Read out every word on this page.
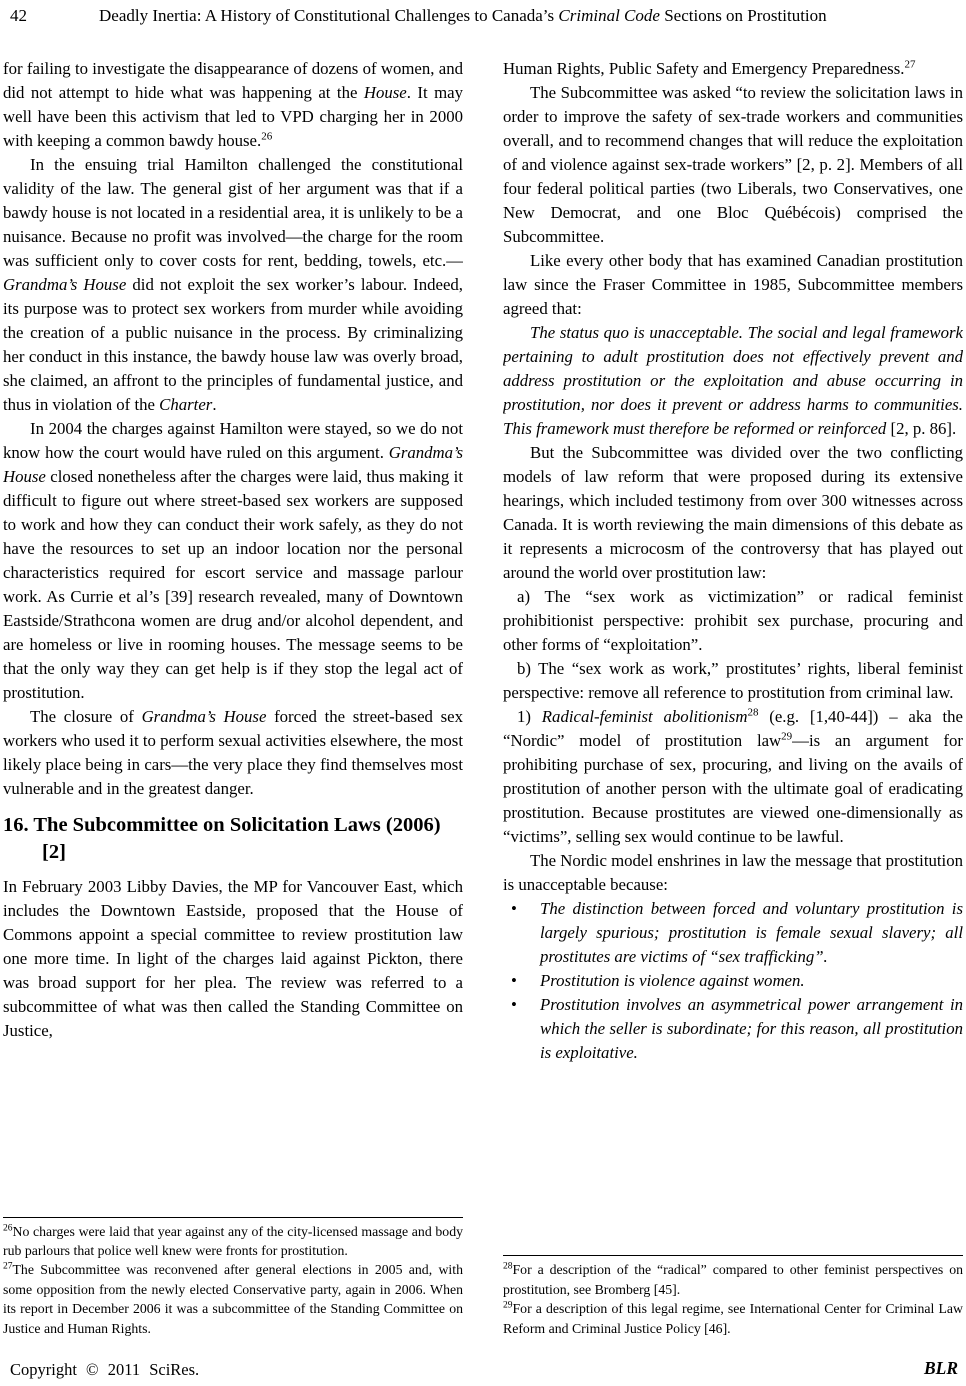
42	Deadly Inertia: A History of Constitutional Challenges to Canada’s Criminal Code Sections on Prostitution
for failing to investigate the disappearance of dozens of women, and did not attempt to hide what was happening at the House. It may well have been this activism that led to VPD charging her in 2000 with keeping a common bawdy house.$^{26}$
In the ensuing trial Hamilton challenged the constitutional validity of the law. The general gist of her argument was that if a bawdy house is not located in a residential area, it is unlikely to be a nuisance. Because no profit was involved—the charge for the room was sufficient only to cover costs for rent, bedding, towels, etc.—Grandma’s House did not exploit the sex worker’s labour. Indeed, its purpose was to protect sex workers from murder while avoiding the creation of a public nuisance in the process. By criminalizing her conduct in this instance, the bawdy house law was overly broad, she claimed, an affront to the principles of fundamental justice, and thus in violation of the Charter.
In 2004 the charges against Hamilton were stayed, so we do not know how the court would have ruled on this argument. Grandma’s House closed nonetheless after the charges were laid, thus making it difficult to figure out where street-based sex workers are supposed to work and how they can conduct their work safely, as they do not have the resources to set up an indoor location nor the personal characteristics required for escort service and massage parlour work. As Currie et al’s [39] research revealed, many of Downtown Eastside/Strathcona women are drug and/or alcohol dependent, and are homeless or live in rooming houses. The message seems to be that the only way they can get help is if they stop the legal act of prostitution.
The closure of Grandma’s House forced the street-based sex workers who used it to perform sexual activities elsewhere, the most likely place being in cars—the very place they find themselves most vulnerable and in the greatest danger.
16. The Subcommittee on Solicitation Laws (2006) [2]
In February 2003 Libby Davies, the MP for Vancouver East, which includes the Downtown Eastside, proposed that the House of Commons appoint a special committee to review prostitution law one more time. In light of the charges laid against Pickton, there was broad support for her plea. The review was referred to a subcommittee of what was then called the Standing Committee on Justice,
$^{26}$No charges were laid that year against any of the city-licensed massage and body rub parlours that police well knew were fronts for prostitution.
$^{27}$The Subcommittee was reconvened after general elections in 2005 and, with some opposition from the newly elected Conservative party, again in 2006. When its report in December 2006 it was a subcommittee of the Standing Committee on Justice and Human Rights.
Human Rights, Public Safety and Emergency Preparedness.$^{27}$
The Subcommittee was asked “to review the solicitation laws in order to improve the safety of sex-trade workers and communities overall, and to recommend changes that will reduce the exploitation of and violence against sex-trade workers” [2, p. 2]. Members of all four federal political parties (two Liberals, two Conservatives, one New Democrat, and one Bloc Québécois) comprised the Subcommittee.
Like every other body that has examined Canadian prostitution law since the Fraser Committee in 1985, Subcommittee members agreed that:
The status quo is unacceptable. The social and legal framework pertaining to adult prostitution does not effectively prevent and address prostitution or the exploitation and abuse occurring in prostitution, nor does it prevent or address harms to communities. This framework must therefore be reformed or reinforced [2, p. 86].
But the Subcommittee was divided over the two conflicting models of law reform that were proposed during its extensive hearings, which included testimony from over 300 witnesses across Canada. It is worth reviewing the main dimensions of this debate as it represents a microcosm of the controversy that has played out around the world over prostitution law:
a) The “sex work as victimization” or radical feminist prohibitionist perspective: prohibit sex purchase, procuring and other forms of “exploitation”.
b) The “sex work as work,” prostitutes’ rights, liberal feminist perspective: remove all reference to prostitution from criminal law.
1) Radical-feminist abolitionism$^{28}$ (e.g. [1,40-44]) – aka the “Nordic” model of prostitution law$^{29}$—is an argument for prohibiting purchase of sex, procuring, and living on the avails of prostitution of another person with the ultimate goal of eradicating prostitution. Because prostitutes are viewed one-dimensionally as “victims”, selling sex would continue to be lawful.
The Nordic model enshrines in law the message that prostitution is unacceptable because:
• The distinction between forced and voluntary prostitution is largely spurious; prostitution is female sexual slavery; all prostitutes are victims of “sex trafficking”.
• Prostitution is violence against women.
• Prostitution involves an asymmetrical power arrangement in which the seller is subordinate; for this reason, all prostitution is exploitative.
$^{28}$For a description of the “radical” compared to other feminist perspectives on prostitution, see Bromberg [45].
$^{29}$For a description of this legal regime, see International Center for Criminal Law Reform and Criminal Justice Policy [46].
Copyright © 2011 SciRes.	BLR
